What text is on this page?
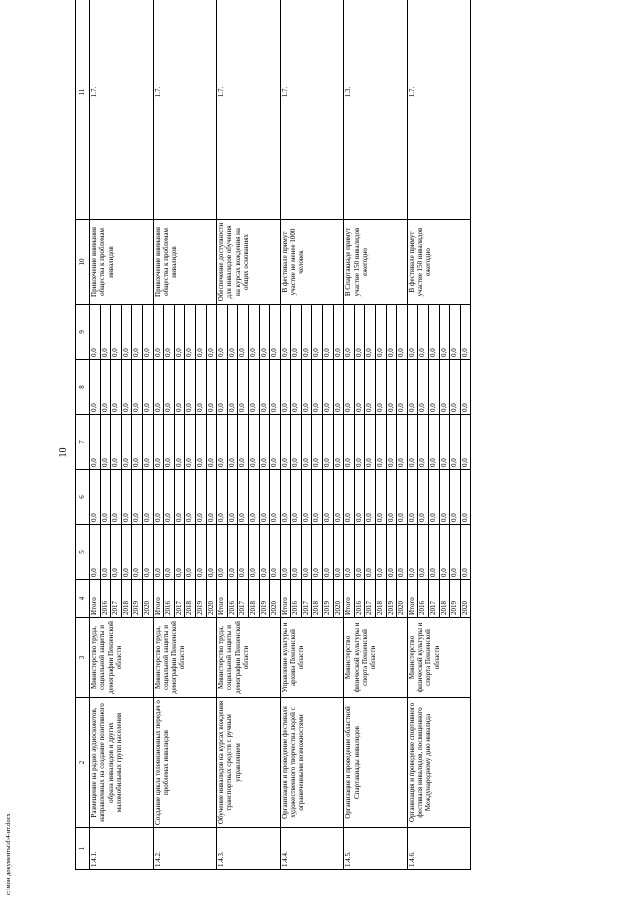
10
1	2	3	4	5	6	7	8	9	10	11
1.4.1.	Размещение на радио аудиосюжетов, направленных на создание позитивного образа инвалидов и других маломобильных групп населения	Министерство труда, социальной защиты и демографии Пензенской области	Итого	0,0	0,0	0,0	0,0	0,0	Привлечение внимания общества к проблемам инвалидов	1.7.
			2016	0,0	0,0	0,0	0,0	0,0		
			2017	0,0	0,0	0,0	0,0	0,0		
			2018	0,0	0,0	0,0	0,0	0,0		
			2019	0,0	0,0	0,0	0,0	0,0		
			2020	0,0	0,0	0,0	0,0	0,0		
1.4.2.	Создание цикла телевизионных передач о проблемах инвалидов	Министерство труда, социальной защиты и демографии Пензенской области	Итого	0,0	0,0	0,0	0,0	0,0	Привлечение внимания общества к проблемам инвалидов	1.7.
			2016	0,0	0,0	0,0	0,0	0,0		
			2017	0,0	0,0	0,0	0,0	0,0		
			2018	0,0	0,0	0,0	0,0	0,0		
			2019	0,0	0,0	0,0	0,0	0,0		
			2020	0,0	0,0	0,0	0,0	0,0		
1.4.3.	Обучение инвалидов на курсах вождения транспортных средств с ручным управлением	Министерство труда, социальной защиты и демографии Пензенской области	Итого	0,0	0,0	0,0	0,0	0,0	Обеспечение доступности для инвалидов обучения на курсах вождения на общих основаниях	1.7.
			2016	0,0	0,0	0,0	0,0	0,0		
			2017	0,0	0,0	0,0	0,0	0,0		
			2018	0,0	0,0	0,0	0,0	0,0		
			2019	0,0	0,0	0,0	0,0	0,0		
			2020	0,0	0,0	0,0	0,0	0,0		
1.4.4.	Организация и проведение фестиваля художественного творчества людей с ограниченными возможностями	Управление культуры и архива Пензенской области	Итого	0,0	0,0	0,0	0,0	0,0	В фестивале примут участие не менее 1000 человек	1.7.
			2016	0,0	0,0	0,0	0,0	0,0		
			2017	0,0	0,0	0,0	0,0	0,0		
			2018	0,0	0,0	0,0	0,0	0,0		
			2019	0,0	0,0	0,0	0,0	0,0		
			2020	0,0	0,0	0,0	0,0	0,0		
1.4.5.	Организация и проведение областной Спартакиады инвалидов	Министерство физической культуры и спорта Пензенской области	Итого	0,0	0,0	0,0	0,0	0,0	В Спартакиаде примут участие 150 инвалидов ежегодно	1.3.
			2016	0,0	0,0	0,0	0,0	0,0		
			2017	0,0	0,0	0,0	0,0	0,0		
			2018	0,0	0,0	0,0	0,0	0,0		
			2019	0,0	0,0	0,0	0,0	0,0		
			2020	0,0	0,0	0,0	0,0	0,0		
1.4.6.	Организация и проведение спортивного фестиваля инвалидов, посвященного Международному дню инвалида	Министерство физической культуры и спорта Пензенской области	Итого	0,0	0,0	0,0	0,0	0,0	В фестивале примут участие 150 инвалидов ежегодно	1.7.
			2016	0,0	0,0	0,0	0,0	0,0		
			2017	0,0	0,0	0,0	0,0	0,0		
			2018	0,0	0,0	0,0	0,0	0,0		
			2019	0,0	0,0	0,0	0,0	0,0		
			2020	0,0	0,0	0,0	0,0	0,0		
c:\мои документы\d\4-ит.docx
